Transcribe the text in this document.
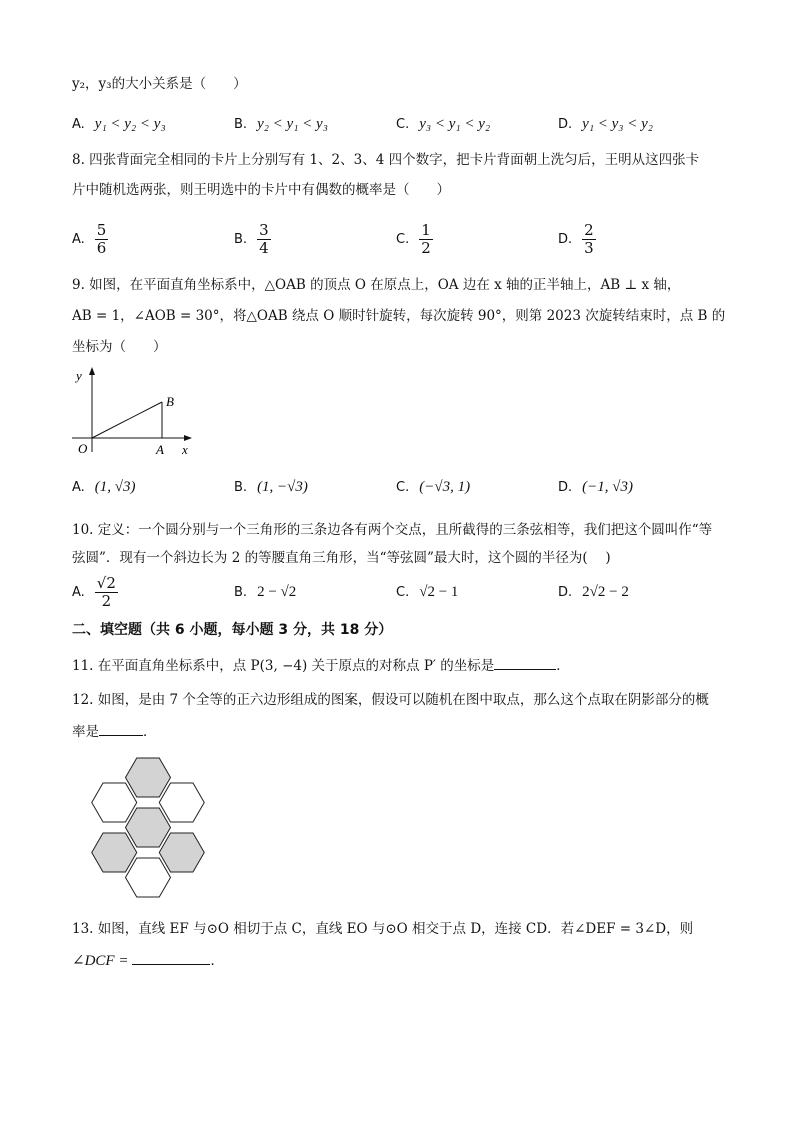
y₂，y₃的大小关系是（　　）
A. y₁ < y₂ < y₃	B. y₂ < y₁ < y₃	C. y₃ < y₁ < y₂	D. y₁ < y₃ < y₂
8. 四张背面完全相同的卡片上分别写有 1、2、3、4 四个数字，把卡片背面朝上洗匀后，王明从这四张卡
片中随机选两张，则王明选中的卡片中有偶数的概率是（　　）
A. $\frac{5}{6}$	B. $\frac{3}{4}$	C. $\frac{1}{2}$	D. $\frac{2}{3}$
9. 如图，在平面直角坐标系中，△OAB 的顶点 O 在原点上，OA 边在 x 轴的正半轴上，AB ⊥ x 轴，
AB = 1，∠AOB = 30°，将△OAB 绕点 O 顺时针旋转，每次旋转 90°，则第 2023 次旋转结束时，点 B 的
坐标为（　　）
y
x
O	A
B
A. (1, √3)	B. (1, −√3)	C. (−√3, 1)	D. (−1, √3)
10. 定义：一个圆分别与一个三角形的三条边各有两个交点，且所截得的三条弦相等，我们把这个圆叫作“等
弦圆”．现有一个斜边长为 2 的等腰直角三角形，当“等弦圆”最大时，这个圆的半径为(　 )
A. $\frac{√2}{2}$	B. 2 − √2	C. √2 − 1	D. 2√2 − 2
二、填空题（共 6 小题，每小题 3 分，共 18 分）
11. 在平面直角坐标系中，点 P(3, −4) 关于原点的对称点 P′ 的坐标是	．
12. 如图，是由 7 个全等的正六边形组成的图案，假设可以随机在图中取点，那么这个点取在阴影部分的概
率是	．
13. 如图，直线 EF 与⊙O 相切于点 C，直线 EO 与⊙O 相交于点 D，连接 CD．若∠DEF = 3∠D，则
∠DCF =	．
